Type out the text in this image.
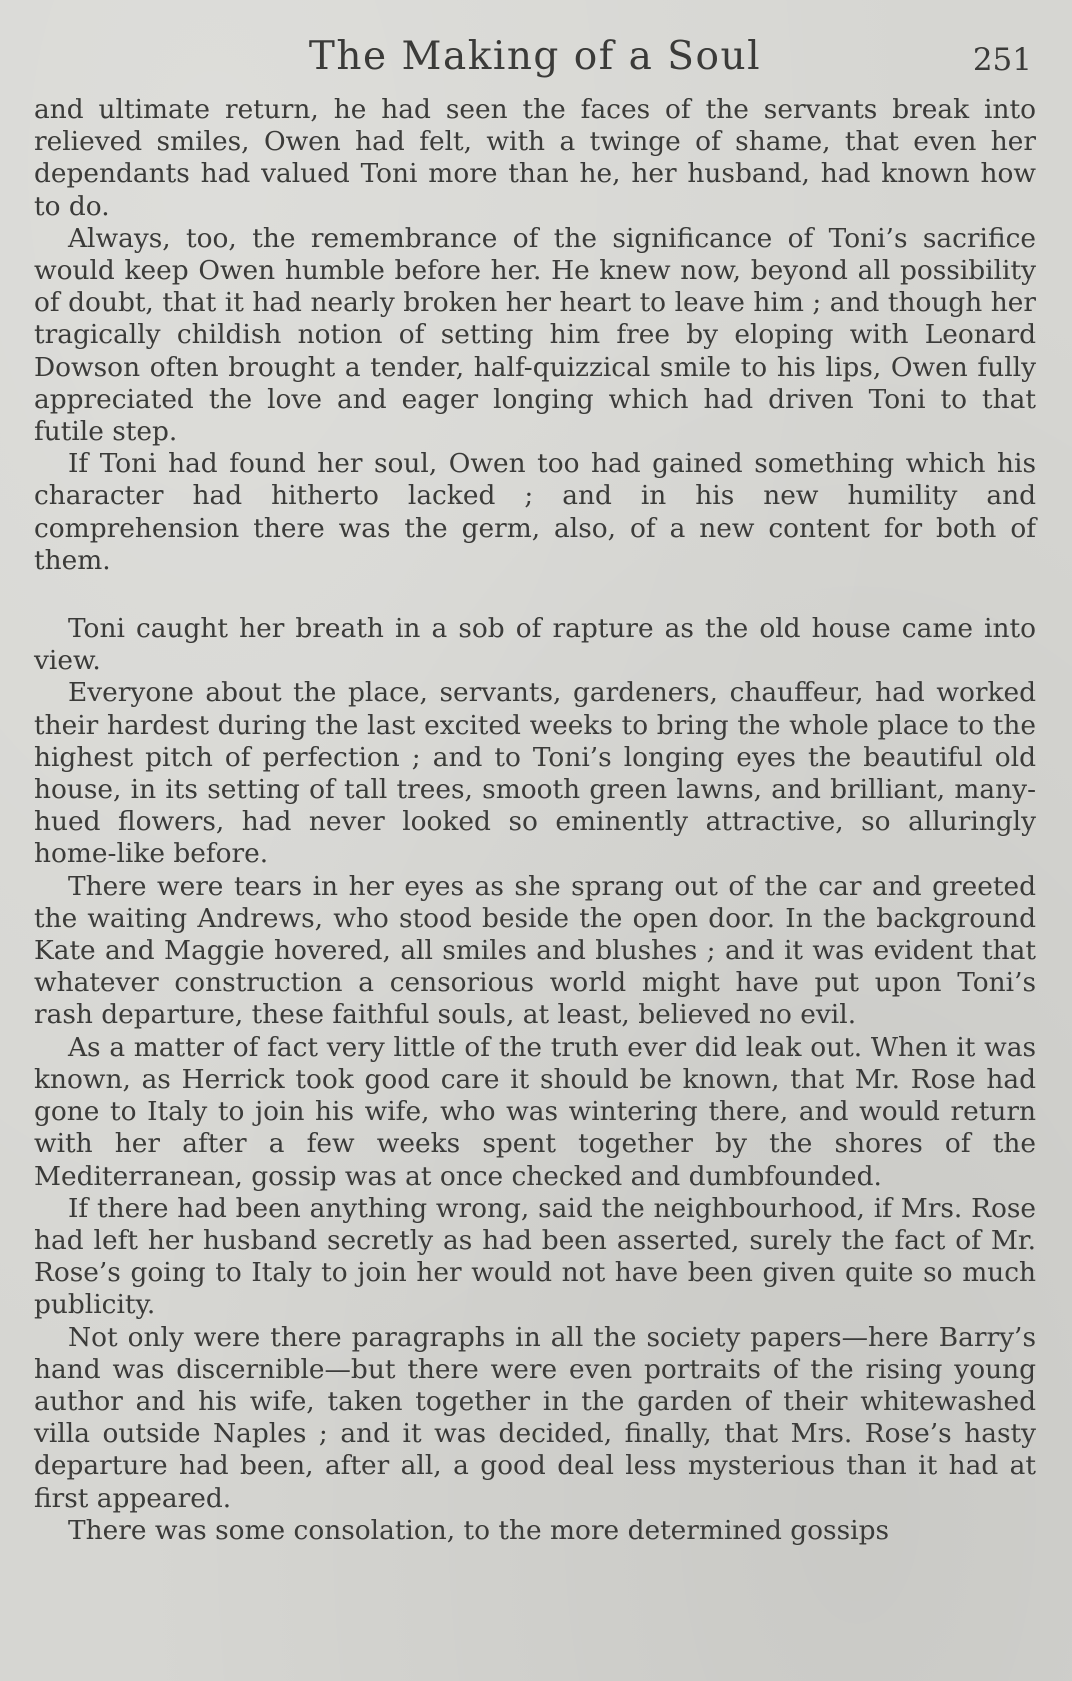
The Making of a Soul	251

and ultimate return, he had seen the faces of the servants break into relieved smiles, Owen had felt, with a twinge of shame, that even her dependants had valued Toni more than he, her husband, had known how to do.

Always, too, the remembrance of the significance of Toni’s sacrifice would keep Owen humble before her. He knew now, beyond all possibility of doubt, that it had nearly broken her heart to leave him ; and though her tragically childish notion of setting him free by eloping with Leonard Dowson often brought a tender, half-quizzical smile to his lips, Owen fully appreciated the love and eager longing which had driven Toni to that futile step.

If Toni had found her soul, Owen too had gained something which his character had hitherto lacked ; and in his new humility and comprehension there was the germ, also, of a new content for both of them.

Toni caught her breath in a sob of rapture as the old house came into view.

Everyone about the place, servants, gardeners, chauffeur, had worked their hardest during the last excited weeks to bring the whole place to the highest pitch of perfection ; and to Toni’s longing eyes the beautiful old house, in its setting of tall trees, smooth green lawns, and brilliant, many-hued flowers, had never looked so eminently attractive, so alluringly home-like before.

There were tears in her eyes as she sprang out of the car and greeted the waiting Andrews, who stood beside the open door. In the background Kate and Maggie hovered, all smiles and blushes ; and it was evident that whatever construction a censorious world might have put upon Toni’s rash departure, these faithful souls, at least, believed no evil.

As a matter of fact very little of the truth ever did leak out. When it was known, as Herrick took good care it should be known, that Mr. Rose had gone to Italy to join his wife, who was wintering there, and would return with her after a few weeks spent together by the shores of the Mediterranean, gossip was at once checked and dumbfounded.

If there had been anything wrong, said the neighbourhood, if Mrs. Rose had left her husband secretly as had been asserted, surely the fact of Mr. Rose’s going to Italy to join her would not have been given quite so much publicity.

Not only were there paragraphs in all the society papers—here Barry’s hand was discernible—but there were even portraits of the rising young author and his wife, taken together in the garden of their whitewashed villa outside Naples ; and it was decided, finally, that Mrs. Rose’s hasty departure had been, after all, a good deal less mysterious than it had at first appeared.

There was some consolation, to the more determined gossips
